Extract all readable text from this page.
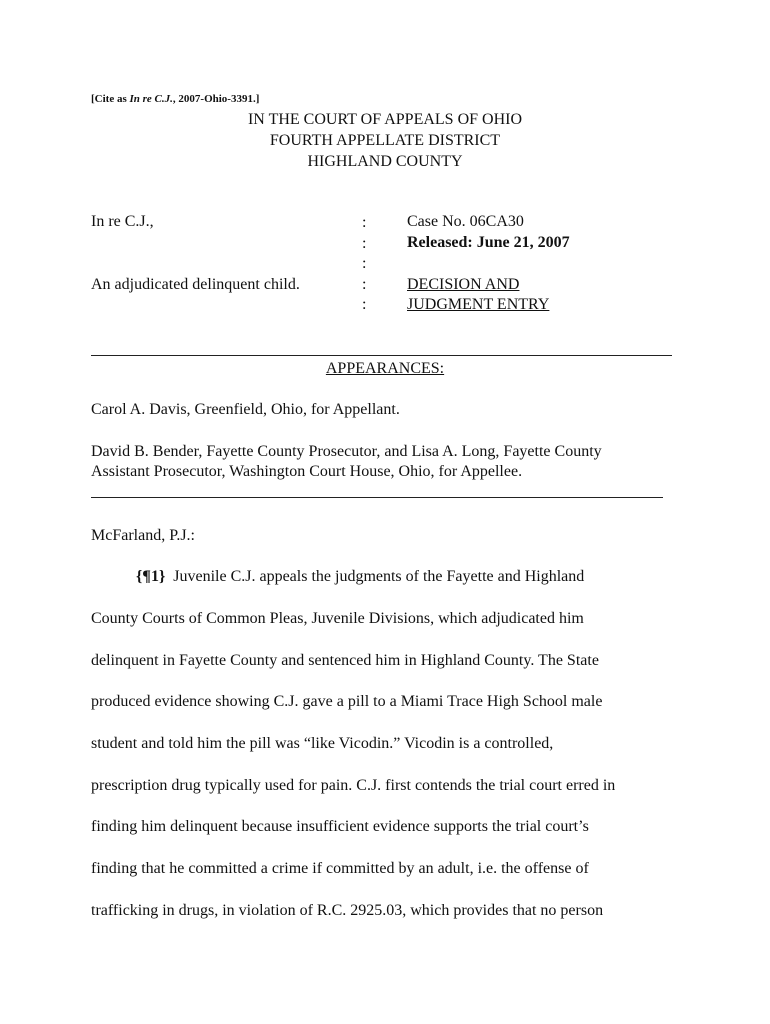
[Cite as In re C.J., 2007-Ohio-3391.]
IN THE COURT OF APPEALS OF OHIO
FOURTH APPELLATE DISTRICT
HIGHLAND COUNTY
In re C.J.,
An adjudicated delinquent child.
:
:
:
:
:
Case No. 06CA30
Released: June 21, 2007
DECISION AND
JUDGMENT ENTRY
APPEARANCES:
Carol A. Davis, Greenfield, Ohio, for Appellant.
David B. Bender, Fayette County Prosecutor, and Lisa A. Long, Fayette County
Assistant Prosecutor, Washington Court House, Ohio, for Appellee.
McFarland, P.J.:
{¶1} Juvenile C.J. appeals the judgments of the Fayette and Highland
County Courts of Common Pleas, Juvenile Divisions, which adjudicated him
delinquent in Fayette County and sentenced him in Highland County. The State
produced evidence showing C.J. gave a pill to a Miami Trace High School male
student and told him the pill was “like Vicodin.” Vicodin is a controlled,
prescription drug typically used for pain. C.J. first contends the trial court erred in
finding him delinquent because insufficient evidence supports the trial court’s
finding that he committed a crime if committed by an adult, i.e. the offense of
trafficking in drugs, in violation of R.C. 2925.03, which provides that no person
